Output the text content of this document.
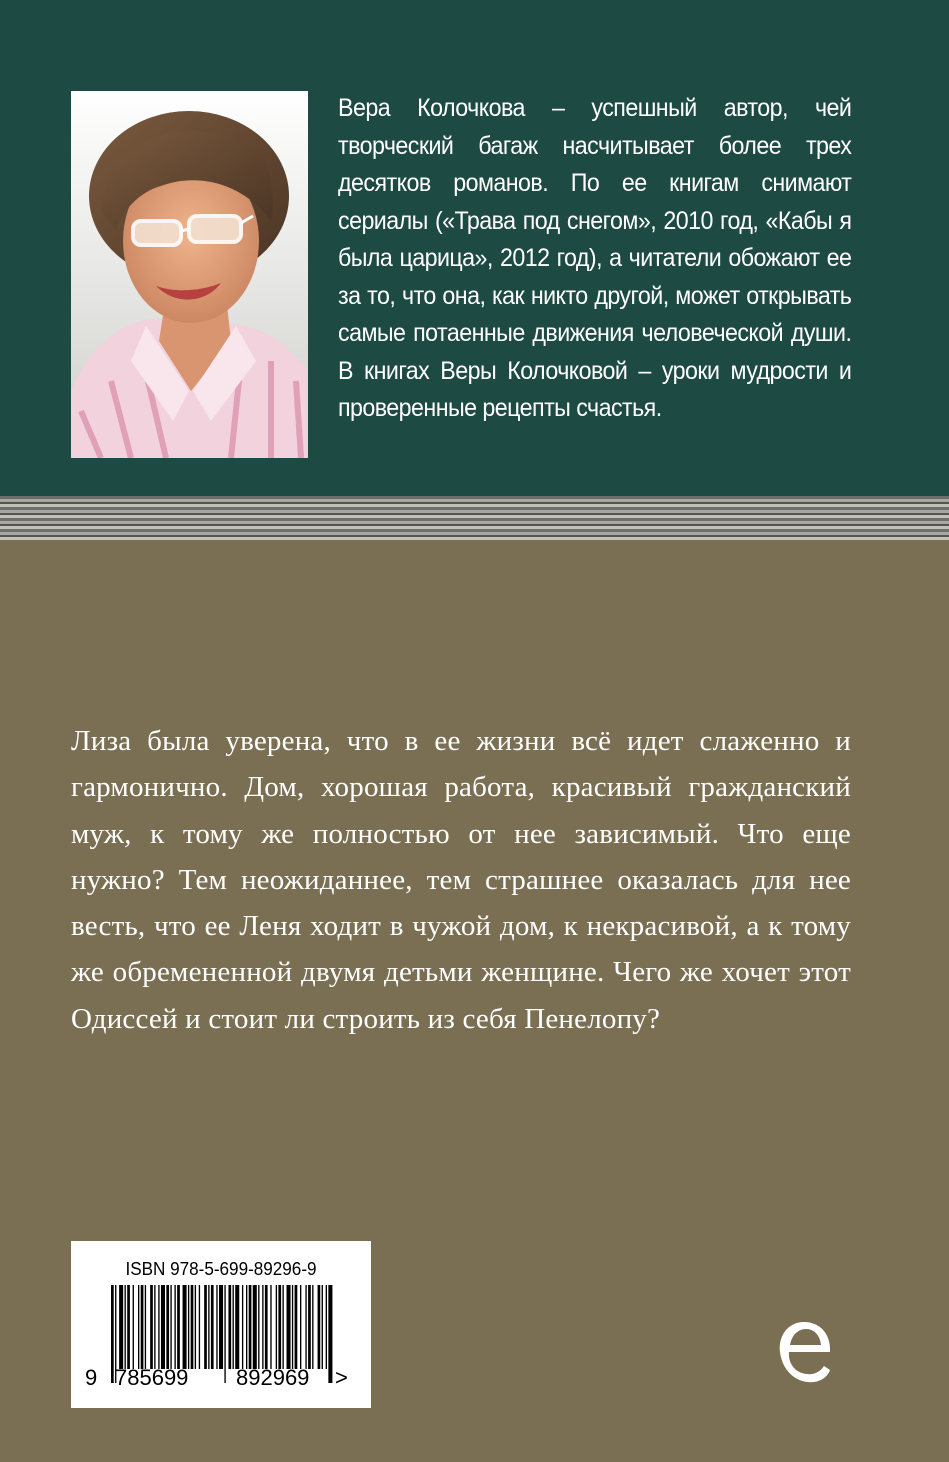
Вера Колочкова – успешный автор, чей творческий багаж насчитывает более трех десятков романов. По ее книгам снимают сериалы («Трава под снегом», 2010 год, «Кабы я была царица», 2012 год), а читатели обожают ее за то, что она, как никто другой, может открывать самые потаенные движения человеческой души. В книгах Веры Колочковой – уроки мудрости и проверенные рецепты счастья.

Лиза была уверена, что в ее жизни всё идет слаженно и гармонично. Дом, хорошая работа, красивый гражданский муж, к тому же полностью от нее зависимый. Что еще нужно? Тем неожиданнее, тем страшнее оказалась для нее весть, что ее Леня ходит в чужой дом, к некрасивой, а к тому же обремененной двумя детьми женщине. Чего же хочет этот Одиссей и стоит ли строить из себя Пенелопу?

ISBN 978-5-699-89296-9
9 785699 892969 >
